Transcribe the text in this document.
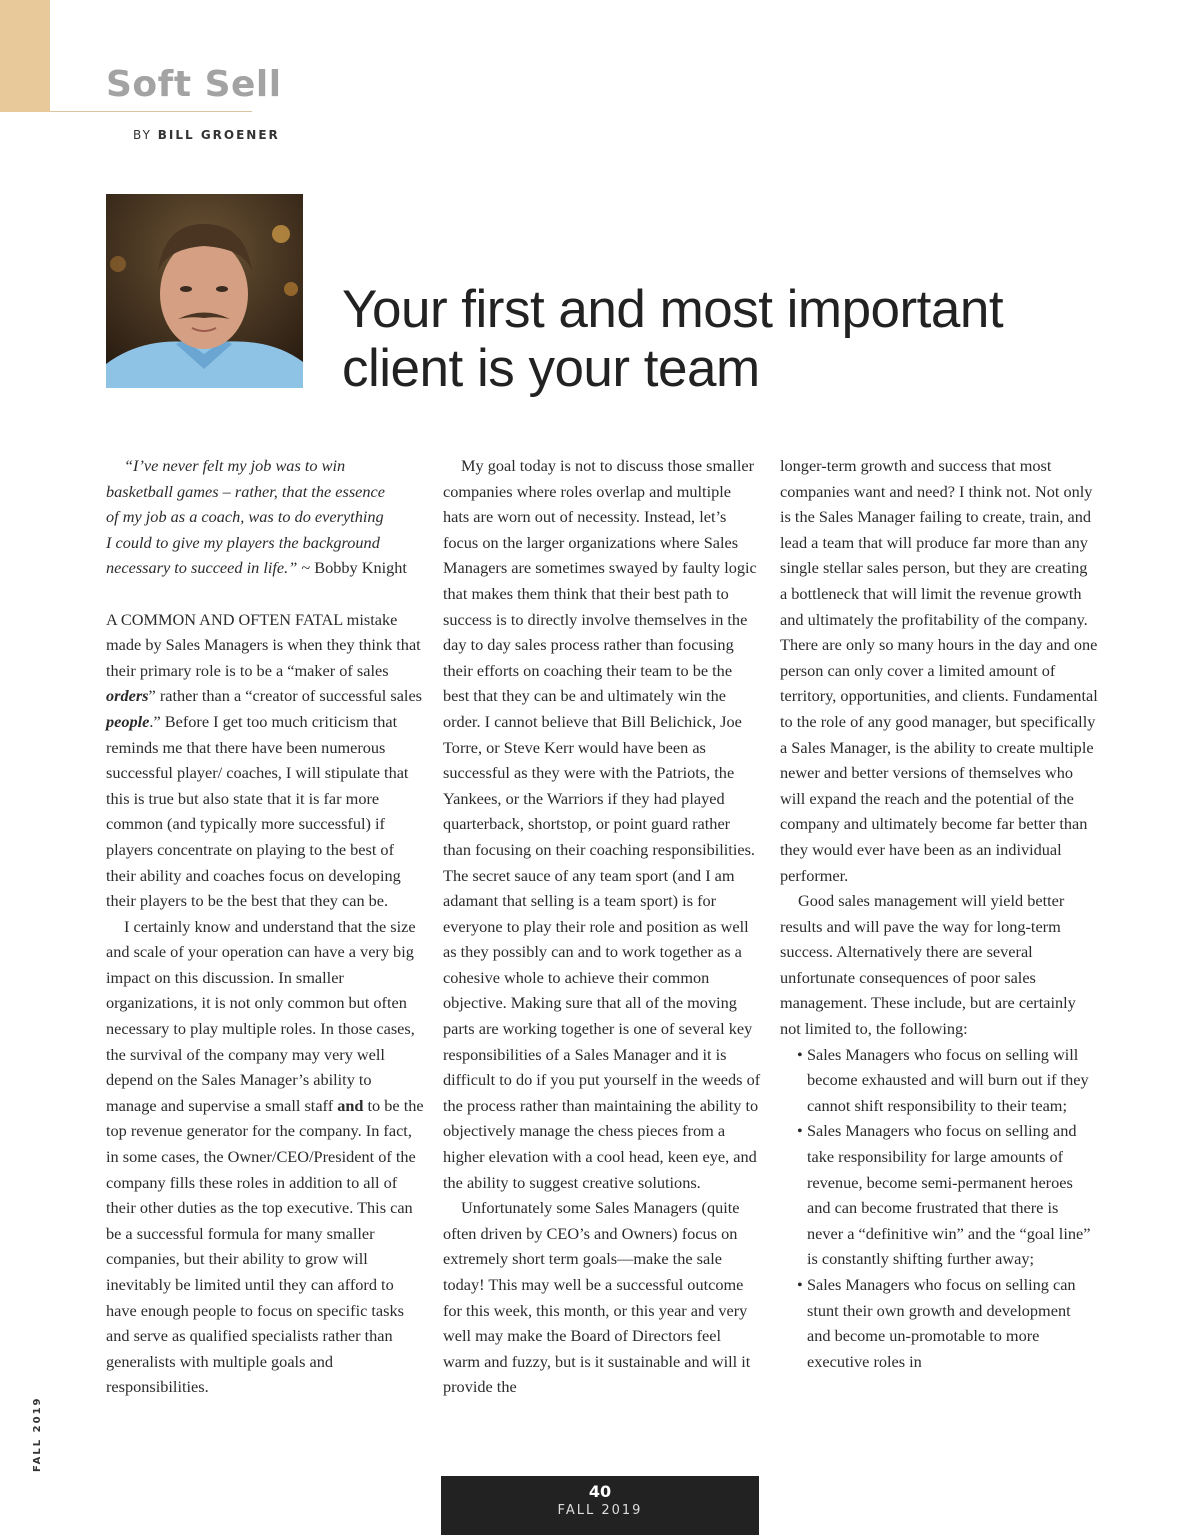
Soft Sell
BY BILL GROENER
Your first and most important
client is your team

“I’ve never felt my job was to win
basketball games – rather, that the essence
of my job as a coach, was to do everything
I could to give my players the background
necessary to succeed in life.” ~ Bobby Knight

A COMMON AND OFTEN FATAL mistake made by Sales Managers is when they think that their primary role is to be a “maker of sales orders” rather than a “creator of successful sales people.” Before I get too much criticism that reminds me that there have been numerous successful player/ coaches, I will stipulate that this is true but also state that it is far more common (and typically more successful) if players concentrate on playing to the best of their ability and coaches focus on developing their players to be the best that they can be.

I certainly know and understand that the size and scale of your operation can have a very big impact on this discussion. In smaller organizations, it is not only common but often necessary to play multiple roles. In those cases, the survival of the company may very well depend on the Sales Manager’s ability to manage and supervise a small staff and to be the top revenue generator for the company. In fact, in some cases, the Owner/CEO/President of the company fills these roles in addition to all of their other duties as the top executive. This can be a successful formula for many smaller companies, but their ability to grow will inevitably be limited until they can afford to have enough people to focus on specific tasks and serve as qualified specialists rather than generalists with multiple goals and responsibilities.

My goal today is not to discuss those smaller companies where roles overlap and multiple hats are worn out of necessity. Instead, let’s focus on the larger organizations where Sales Managers are sometimes swayed by faulty logic that makes them think that their best path to success is to directly involve themselves in the day to day sales process rather than focusing their efforts on coaching their team to be the best that they can be and ultimately win the order. I cannot believe that Bill Belichick, Joe Torre, or Steve Kerr would have been as successful as they were with the Patriots, the Yankees, or the Warriors if they had played quarterback, shortstop, or point guard rather than focusing on their coaching responsibilities. The secret sauce of any team sport (and I am adamant that selling is a team sport) is for everyone to play their role and position as well as they possibly can and to work together as a cohesive whole to achieve their common objective. Making sure that all of the moving parts are working together is one of several key responsibilities of a Sales Manager and it is difficult to do if you put yourself in the weeds of the process rather than maintaining the ability to objectively manage the chess pieces from a higher elevation with a cool head, keen eye, and the ability to suggest creative solutions.

Unfortunately some Sales Managers (quite often driven by CEO’s and Owners) focus on extremely short term goals—make the sale today! This may well be a successful outcome for this week, this month, or this year and very well may make the Board of Directors feel warm and fuzzy, but is it sustainable and will it provide the

longer-term growth and success that most companies want and need? I think not. Not only is the Sales Manager failing to create, train, and lead a team that will produce far more than any single stellar sales person, but they are creating a bottleneck that will limit the revenue growth and ultimately the profitability of the company. There are only so many hours in the day and one person can only cover a limited amount of territory, opportunities, and clients. Fundamental to the role of any good manager, but specifically a Sales Manager, is the ability to create multiple newer and better versions of themselves who will expand the reach and the potential of the company and ultimately become far better than they would ever have been as an individual performer.

Good sales management will yield better results and will pave the way for long-term success. Alternatively there are several unfortunate consequences of poor sales management. These include, but are certainly not limited to, the following:

• Sales Managers who focus on selling will become exhausted and will burn out if they cannot shift responsibility to their team;
• Sales Managers who focus on selling and take responsibility for large amounts of revenue, become semi-permanent heroes and can become frustrated that there is never a “definitive win” and the “goal line” is constantly shifting further away;
• Sales Managers who focus on selling can stunt their own growth and development and become un-promotable to more executive roles in
FALL 2019
40
FALL 2019
